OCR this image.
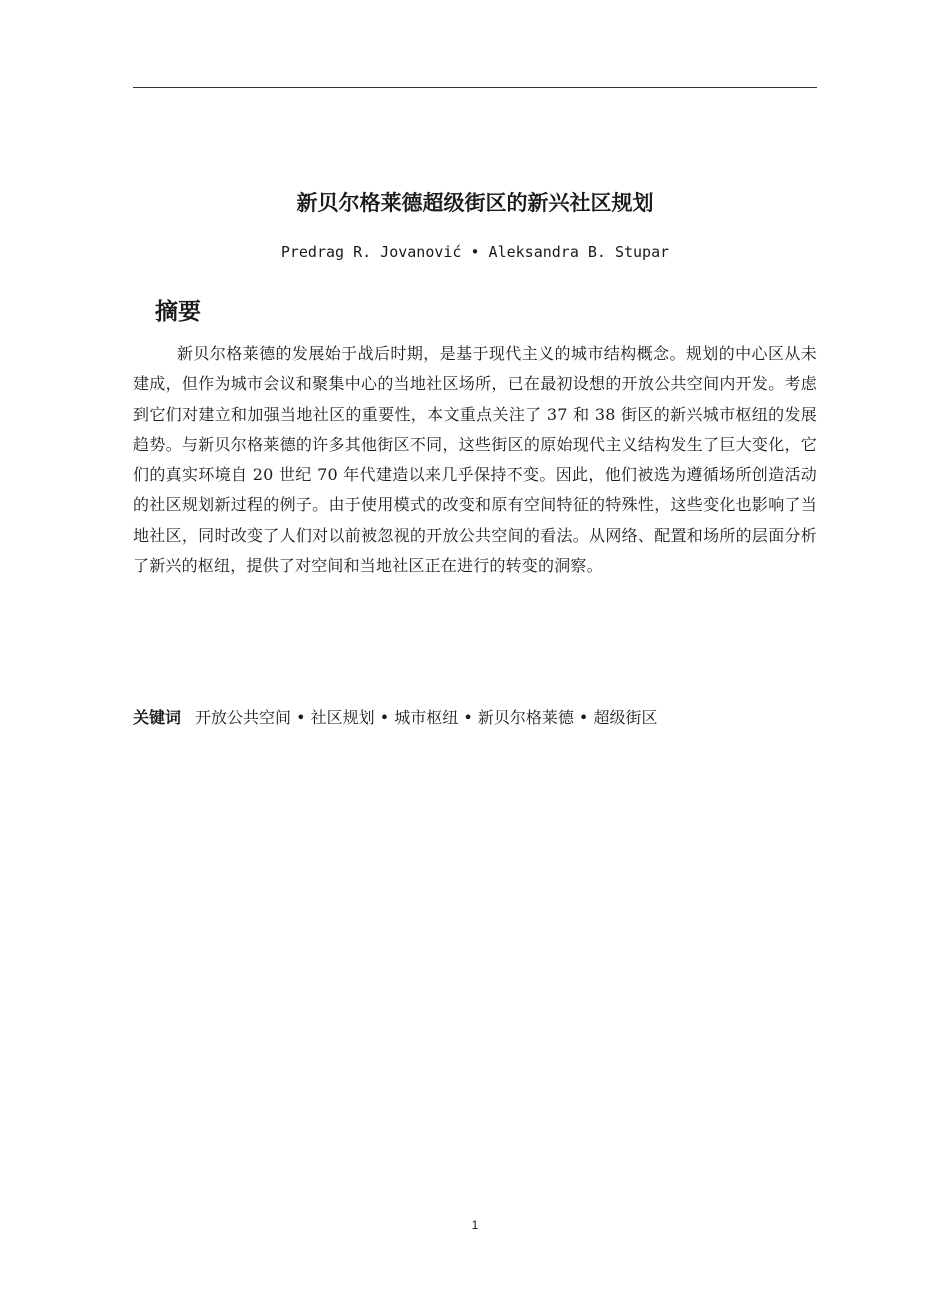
新贝尔格莱德超级街区的新兴社区规划
Predrag R. Jovanović • Aleksandra B. Stupar
摘要

新贝尔格莱德的发展始于战后时期，是基于现代主义的城市结构概念。规划的中心区从未建成，但作为城市会议和聚集中心的当地社区场所，已在最初设想的开放公共空间内开发。考虑到它们对建立和加强当地社区的重要性，本文重点关注了 37 和 38 街区的新兴城市枢纽的发展趋势。与新贝尔格莱德的许多其他街区不同，这些街区的原始现代主义结构发生了巨大变化，它们的真实环境自 20 世纪 70 年代建造以来几乎保持不变。因此，他们被选为遵循场所创造活动的社区规划新过程的例子。由于使用模式的改变和原有空间特征的特殊性，这些变化也影响了当地社区，同时改变了人们对以前被忽视的开放公共空间的看法。从网络、配置和场所的层面分析了新兴的枢纽，提供了对空间和当地社区正在进行的转变的洞察。

关键词 开放公共空间 • 社区规划 • 城市枢纽 • 新贝尔格莱德 • 超级街区
1
